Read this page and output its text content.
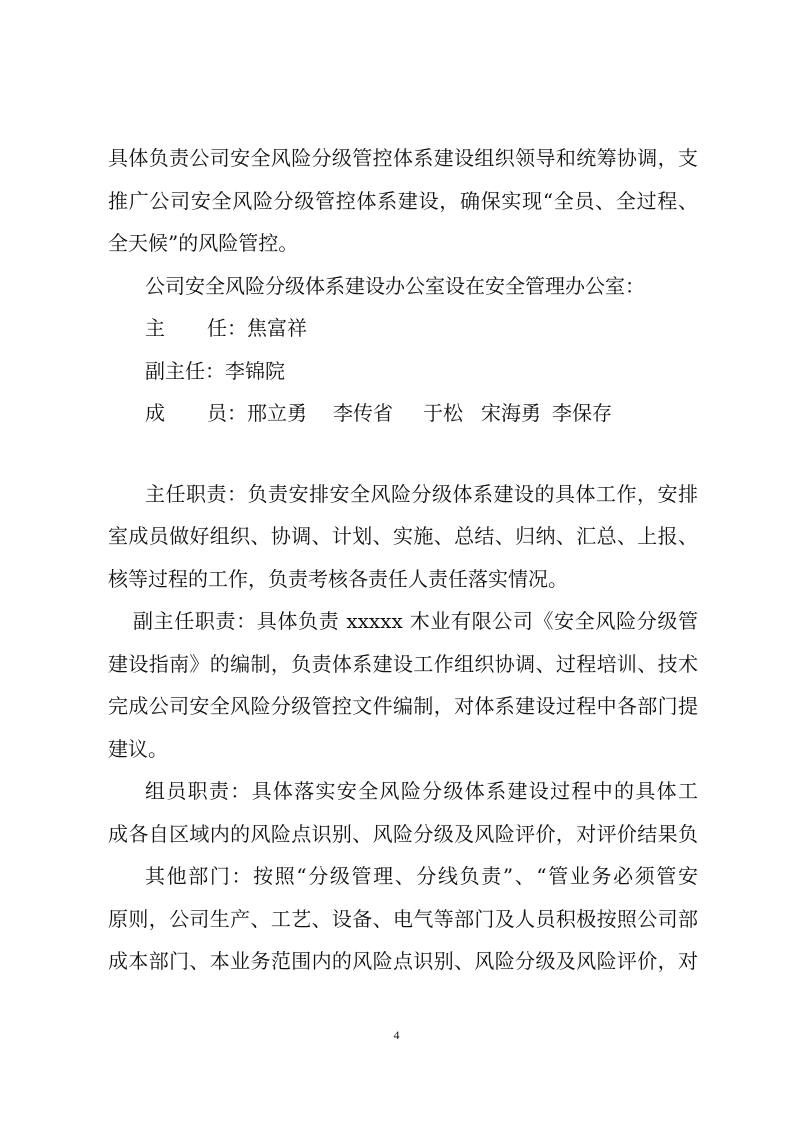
具体负责公司安全风险分级管控体系建设组织领导和统筹协调，支
推广公司安全风险分级管控体系建设，确保实现“全员、全过程、
全天候”的风险管控。
公司安全风险分级体系建设办公室设在安全管理办公室：
主 任：焦富祥
副主任：李锦院
成 员：邢立勇 李传省 于松 宋海勇 李保存
主任职责：负责安排安全风险分级体系建设的具体工作，安排
室成员做好组织、协调、计划、实施、总结、归纳、汇总、上报、
核等过程的工作，负责考核各责任人责任落实情况。
副主任职责：具体负责 xxxxx 木业有限公司《安全风险分级管
建设指南》的编制，负责体系建设工作组织协调、过程培训、技术
完成公司安全风险分级管控文件编制，对体系建设过程中各部门提
建议。
组员职责：具体落实安全风险分级体系建设过程中的具体工
成各自区域内的风险点识别、风险分级及风险评价，对评价结果负
其他部门：按照“分级管理、分线负责”、“管业务必须管安
原则，公司生产、工艺、设备、电气等部门及人员积极按照公司部
成本部门、本业务范围内的风险点识别、风险分级及风险评价，对
4
